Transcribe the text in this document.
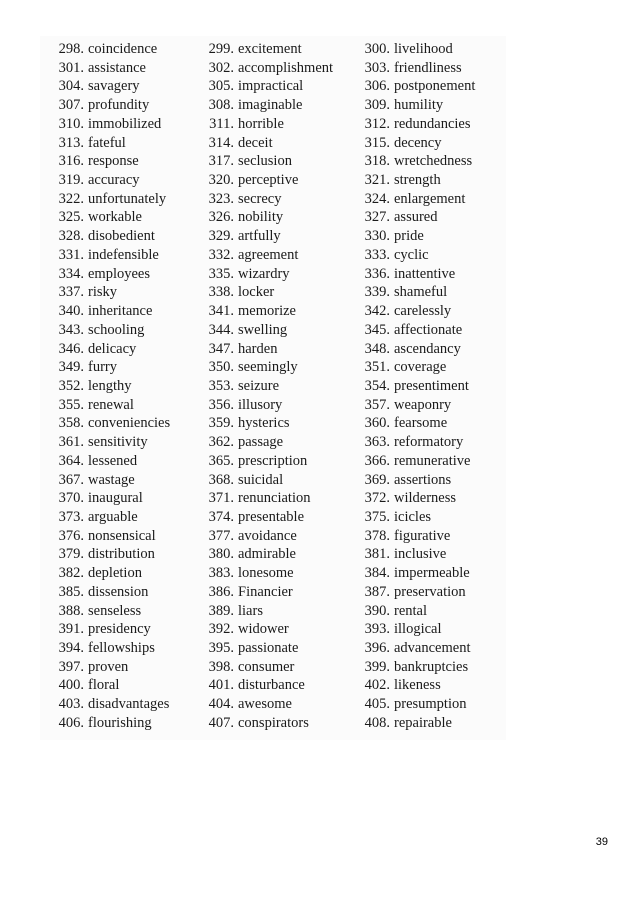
298. coincidence	299. excitement	300. livelihood
301. assistance	302. accomplishment	303. friendliness
304. savagery	305. impractical	306. postponement
307. profundity	308. imaginable	309. humility
310. immobilized	311. horrible	312. redundancies
313. fateful	314. deceit	315. decency
316. response	317. seclusion	318. wretchedness
319. accuracy	320. perceptive	321. strength
322. unfortunately	323. secrecy	324. enlargement
325. workable	326. nobility	327. assured
328. disobedient	329. artfully	330. pride
331. indefensible	332. agreement	333. cyclic
334. employees	335. wizardry	336. inattentive
337. risky	338. locker	339. shameful
340. inheritance	341. memorize	342. carelessly
343. schooling	344. swelling	345. affectionate
346. delicacy	347. harden	348. ascendancy
349. furry	350. seemingly	351. coverage
352. lengthy	353. seizure	354. presentiment
355. renewal	356. illusory	357. weaponry
358. conveniencies	359. hysterics	360. fearsome
361. sensitivity	362. passage	363. reformatory
364. lessened	365. prescription	366. remunerative
367. wastage	368. suicidal	369. assertions
370. inaugural	371. renunciation	372. wilderness
373. arguable	374. presentable	375. icicles
376. nonsensical	377. avoidance	378. figurative
379. distribution	380. admirable	381. inclusive
382. depletion	383. lonesome	384. impermeable
385. dissension	386. Financier	387. preservation
388. senseless	389. liars	390. rental
391. presidency	392. widower	393. illogical
394. fellowships	395. passionate	396. advancement
397. proven	398. consumer	399. bankruptcies
400. floral	401. disturbance	402. likeness
403. disadvantages	404. awesome	405. presumption
406. flourishing	407. conspirators	408. repairable
39
